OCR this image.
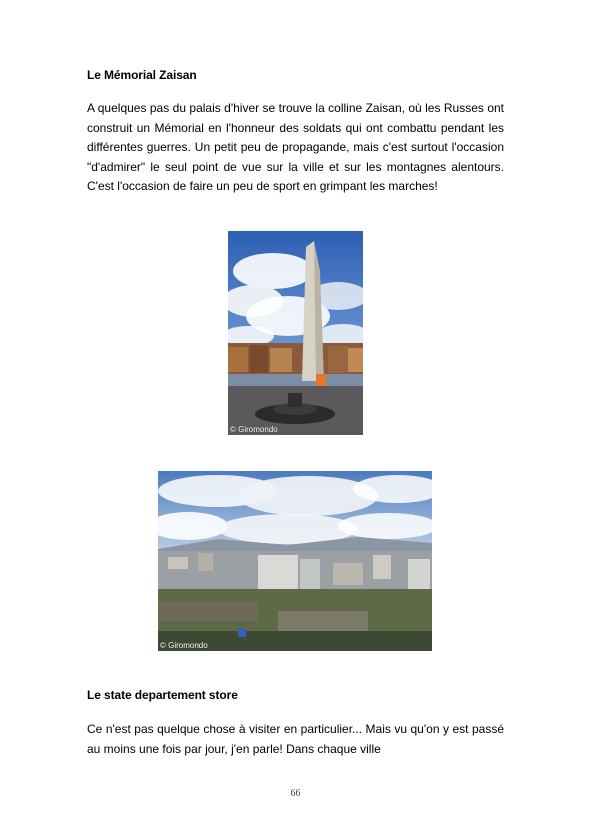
Le Mémorial Zaisan
A quelques pas du palais d'hiver se trouve la colline Zaisan, où les Russes ont construit un Mémorial en l'honneur des soldats qui ont combattu pendant les différentes guerres. Un petit peu de propagande, mais c'est surtout l'occasion "d'admirer" le seul point de vue sur la ville et sur les montagnes alentours. C'est l'occasion de faire un peu de sport en grimpant les marches!
© Giromondo
© Giromondo
Le state departement store
Ce n'est pas quelque chose à visiter en particulier... Mais vu qu'on y est passé au moins une fois par jour, j'en parle! Dans chaque ville
66
